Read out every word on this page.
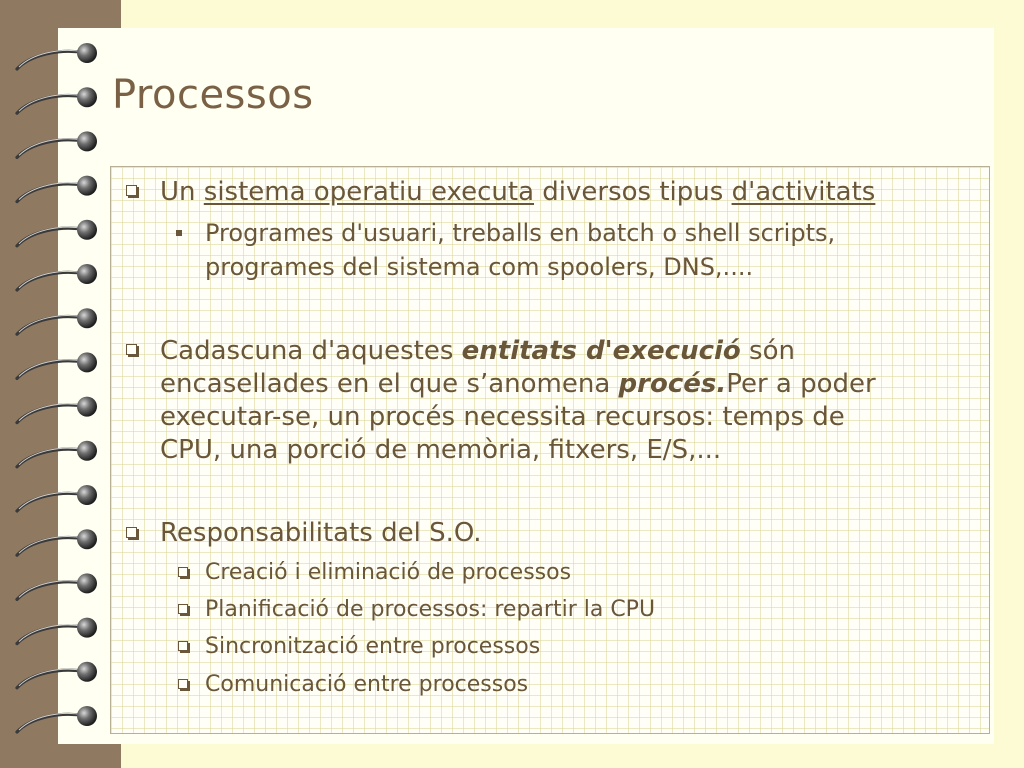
Processos
Un sistema operatiu executa diversos tipus d'activitats
Programes d'usuari, treballs en batch o shell scripts,
programes del sistema com spoolers, DNS,....
Cadascuna d'aquestes entitats d'execució són
encasellades en el que s’anomena procés.Per a poder
executar-se, un procés necessita recursos: temps de
CPU, una porció de memòria, fitxers, E/S,...
Responsabilitats del S.O.
Creació i eliminació de processos
Planificació de processos: repartir la CPU
Sincronització entre processos
Comunicació entre processos
